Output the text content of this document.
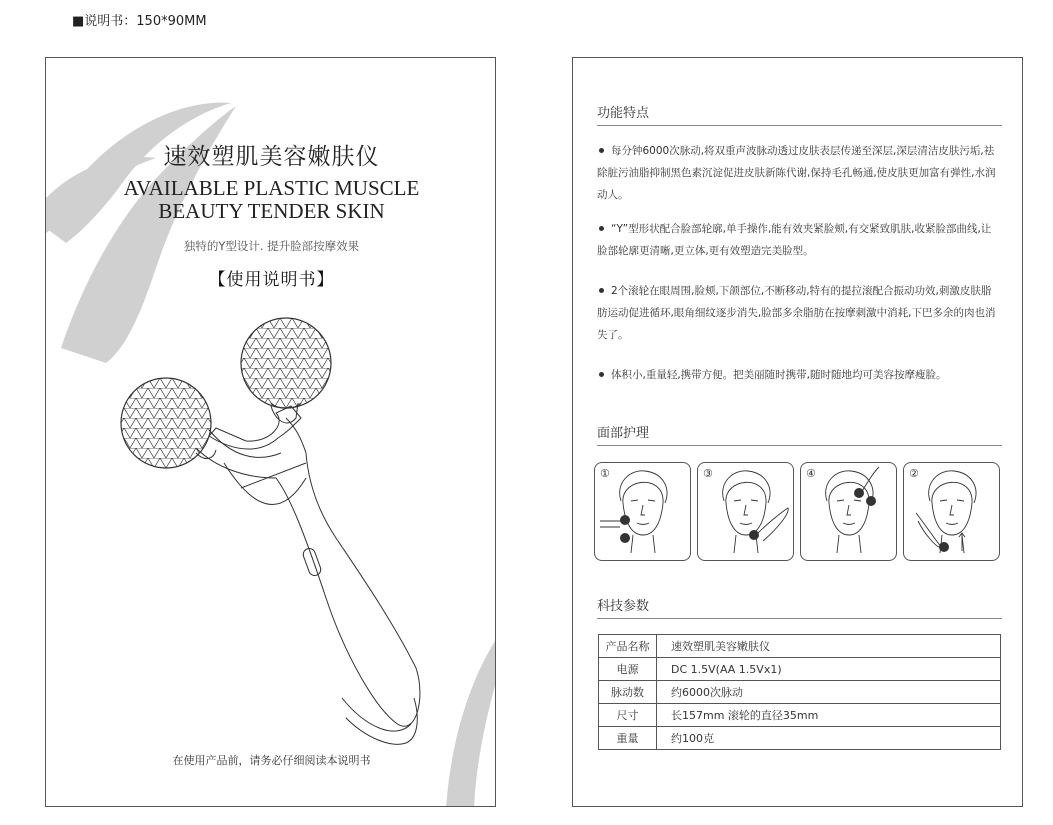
■说明书：150*90MM
速效塑肌美容嫩肤仪
AVAILABLE PLASTIC MUSCLE
BEAUTY TENDER SKIN
独特的Y型设计. 提升脸部按摩效果
【使用说明书】
在使用产品前，请务必仔细阅读本说明书
功能特点
每分钟6000次脉动,将双重声波脉动透过皮肤表层传递至深层,深层清洁皮肤污垢,祛除脏污油脂抑制黑色素沉淀促进皮肤新陈代谢,保持毛孔畅通,使皮肤更加富有弹性,水润动人。
“Y”型形状配合脸部轮廓,单手操作,能有效夹紧脸颊,有交紧致肌肤,收紧脸部曲线,让脸部轮廓更清晰,更立体,更有效塑造完美脸型。
2个滚轮在眼周围,脸颊,下颌部位,不断移动,特有的提拉滚配合振动功效,刺激皮肤脂肪运动促进循环,眼角细纹逐步消失,脸部多余脂肪在按摩刺激中消耗,下巴多余的肉也消失了。
体积小,重量轻,携带方便。把美丽随时携带,随时随地均可美容按摩瘦脸。
面部护理
①	③	④	②
科技参数
产品名称	速效塑肌美容嫩肤仪
电源	DC 1.5V(AA 1.5Vx1)
脉动数	约6000次脉动
尺寸	长157mm 滚轮的直径35mm
重量	约100克
